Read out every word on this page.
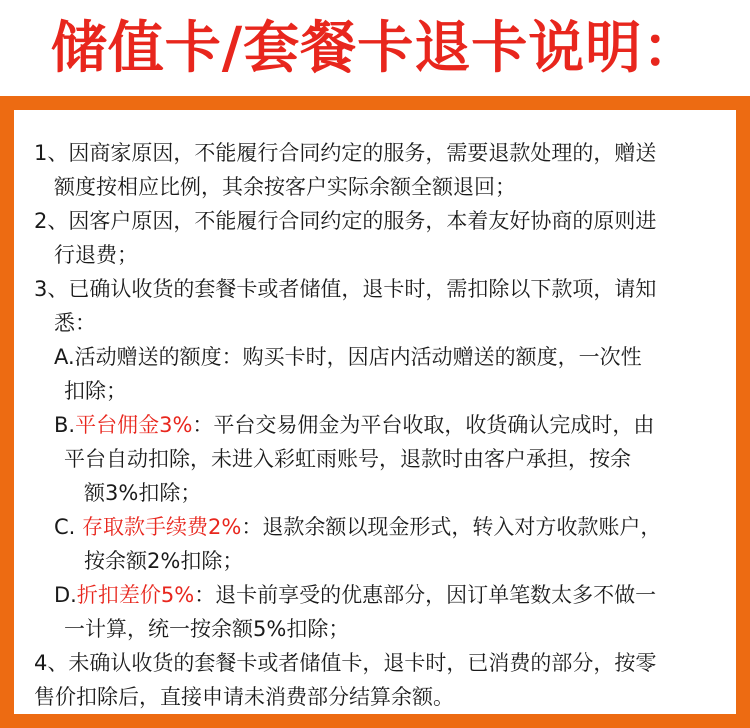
储值卡/套餐卡退卡说明：
1、因商家原因，不能履行合同约定的服务，需要退款处理的，赠送
额度按相应比例，其余按客户实际余额全额退回；
2、因客户原因，不能履行合同约定的服务，本着友好协商的原则进
行退费；
3、已确认收货的套餐卡或者储值，退卡时，需扣除以下款项，请知
悉：
A.活动赠送的额度：购买卡时，因店内活动赠送的额度，一次性
扣除；
B.平台佣金3%：平台交易佣金为平台收取，收货确认完成时，由
平台自动扣除，未进入彩虹雨账号，退款时由客户承担，按余
额3%扣除；
C. 存取款手续费2%：退款余额以现金形式，转入对方收款账户，
按余额2%扣除；
D.折扣差价5%：退卡前享受的优惠部分，因订单笔数太多不做一
一计算，统一按余额5%扣除；
4、未确认收货的套餐卡或者储值卡，退卡时，已消费的部分，按零
售价扣除后，直接申请未消费部分结算余额。
